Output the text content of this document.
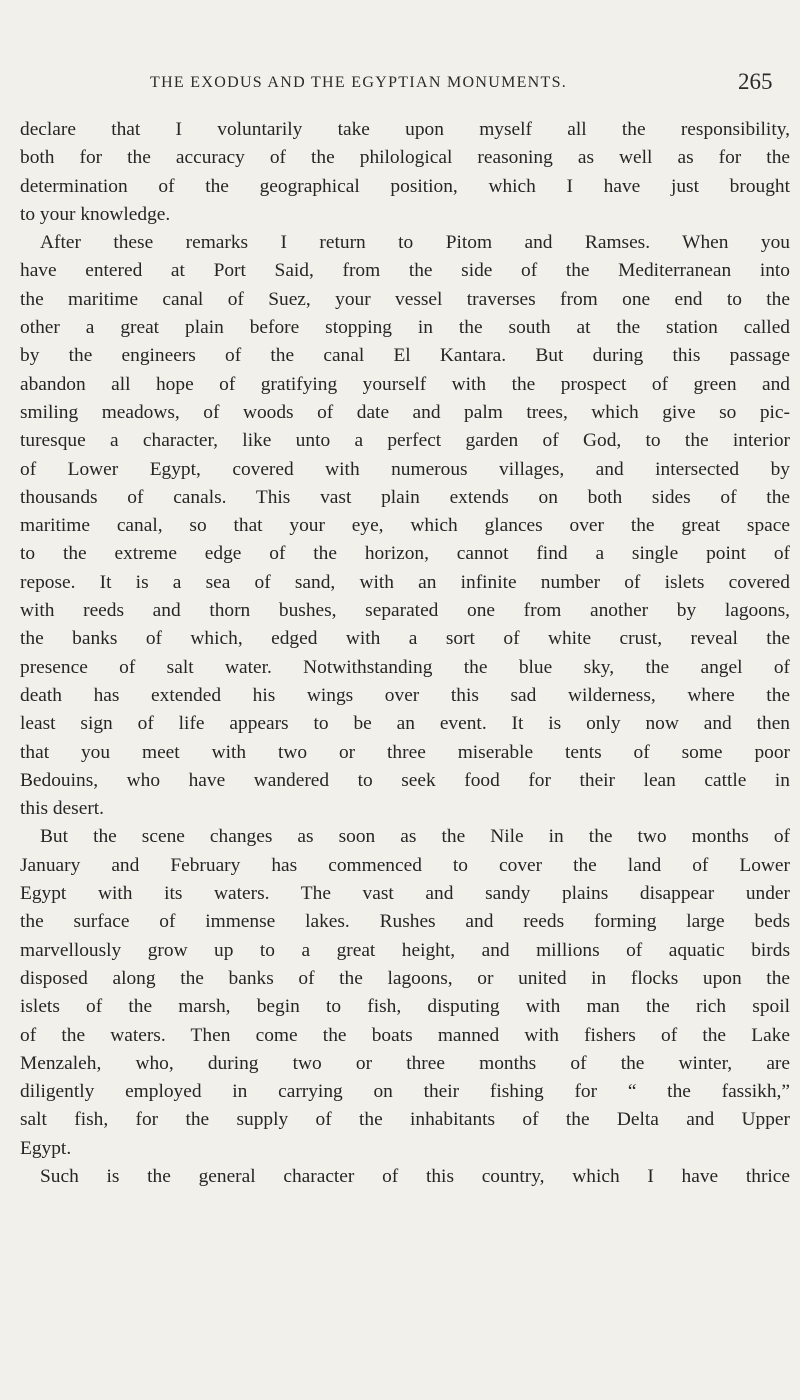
THE EXODUS AND THE EGYPTIAN MONUMENTS.	265
declare that I voluntarily take upon myself all the responsibility,
both for the accuracy of the philological reasoning as well as for the
determination of the geographical position, which I have just brought
to your knowledge.
After these remarks I return to Pitom and Ramses. When you
have entered at Port Said, from the side of the Mediterranean into
the maritime canal of Suez, your vessel traverses from one end to the
other a great plain before stopping in the south at the station called
by the engineers of the canal El Kantara. But during this passage
abandon all hope of gratifying yourself with the prospect of green and
smiling meadows, of woods of date and palm trees, which give so pic-
turesque a character, like unto a perfect garden of God, to the interior
of Lower Egypt, covered with numerous villages, and intersected by
thousands of canals. This vast plain extends on both sides of the
maritime canal, so that your eye, which glances over the great space
to the extreme edge of the horizon, cannot find a single point of
repose. It is a sea of sand, with an infinite number of islets covered
with reeds and thorn bushes, separated one from another by lagoons,
the banks of which, edged with a sort of white crust, reveal the
presence of salt water. Notwithstanding the blue sky, the angel of
death has extended his wings over this sad wilderness, where the
least sign of life appears to be an event. It is only now and then
that you meet with two or three miserable tents of some poor
Bedouins, who have wandered to seek food for their lean cattle in
this desert.
But the scene changes as soon as the Nile in the two months of
January and February has commenced to cover the land of Lower
Egypt with its waters. The vast and sandy plains disappear under
the surface of immense lakes. Rushes and reeds forming large beds
marvellously grow up to a great height, and millions of aquatic birds
disposed along the banks of the lagoons, or united in flocks upon the
islets of the marsh, begin to fish, disputing with man the rich spoil
of the waters. Then come the boats manned with fishers of the Lake
Menzaleh, who, during two or three months of the winter, are
diligently employed in carrying on their fishing for “ the fassikh,”
salt fish, for the supply of the inhabitants of the Delta and Upper
Egypt.
Such is the general character of this country, which I have thrice
